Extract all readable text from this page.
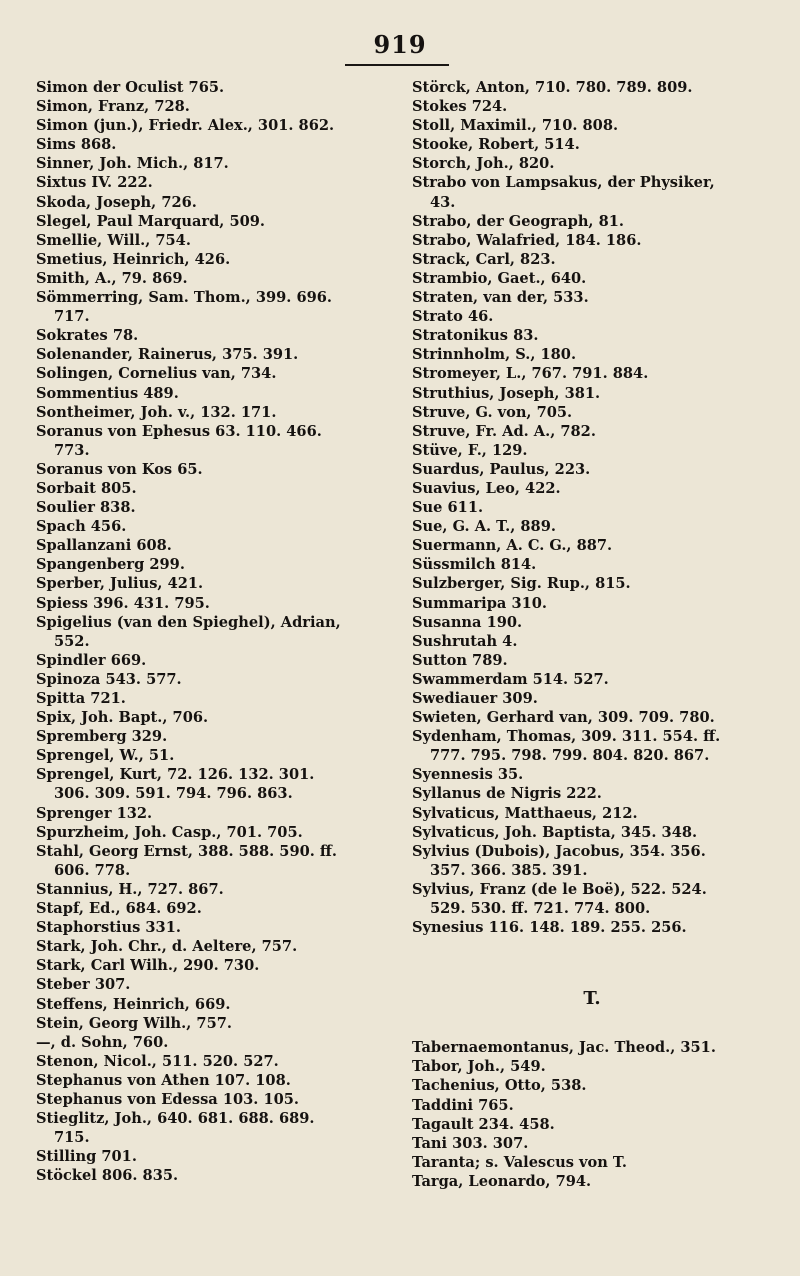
919
Simon der Oculist 765.
Simon, Franz, 728.
Simon (jun.), Friedr. Alex., 301. 862.
Sims 868.
Sinner, Joh. Mich., 817.
Sixtus IV. 222.
Skoda, Joseph, 726.
Slegel, Paul Marquard, 509.
Smellie, Will., 754.
Smetius, Heinrich, 426.
Smith, A., 79. 869.
Sömmerring, Sam. Thom., 399. 696.
717.
Sokrates 78.
Solenander, Rainerus, 375. 391.
Solingen, Cornelius van, 734.
Sommentius 489.
Sontheimer, Joh. v., 132. 171.
Soranus von Ephesus 63. 110. 466.
773.
Soranus von Kos 65.
Sorbait 805.
Soulier 838.
Spach 456.
Spallanzani 608.
Spangenberg 299.
Sperber, Julius, 421.
Spiess 396. 431. 795.
Spigelius (van den Spieghel), Adrian,
552.
Spindler 669.
Spinoza 543. 577.
Spitta 721.
Spix, Joh. Bapt., 706.
Spremberg 329.
Sprengel, W., 51.
Sprengel, Kurt, 72. 126. 132. 301.
306. 309. 591. 794. 796. 863.
Sprenger 132.
Spurzheim, Joh. Casp., 701. 705.
Stahl, Georg Ernst, 388. 588. 590. ff.
606. 778.
Stannius, H., 727. 867.
Stapf, Ed., 684. 692.
Staphorstius 331.
Stark, Joh. Chr., d. Aeltere, 757.
Stark, Carl Wilh., 290. 730.
Steber 307.
Steffens, Heinrich, 669.
Stein, Georg Wilh., 757.
—, d. Sohn, 760.
Stenon, Nicol., 511. 520. 527.
Stephanus von Athen 107. 108.
Stephanus von Edessa 103. 105.
Stieglitz, Joh., 640. 681. 688. 689.
715.
Stilling 701.
Stöckel 806. 835.
Störck, Anton, 710. 780. 789. 809.
Stokes 724.
Stoll, Maximil., 710. 808.
Stooke, Robert, 514.
Storch, Joh., 820.
Strabo von Lampsakus, der Physiker,
43.
Strabo, der Geograph, 81.
Strabo, Walafried, 184. 186.
Strack, Carl, 823.
Strambio, Gaet., 640.
Straten, van der, 533.
Strato 46.
Stratonikus 83.
Strinnholm, S., 180.
Stromeyer, L., 767. 791. 884.
Struthius, Joseph, 381.
Struve, G. von, 705.
Struve, Fr. Ad. A., 782.
Stüve, F., 129.
Suardus, Paulus, 223.
Suavius, Leo, 422.
Sue 611.
Sue, G. A. T., 889.
Suermann, A. C. G., 887.
Süssmilch 814.
Sulzberger, Sig. Rup., 815.
Summaripa 310.
Susanna 190.
Sushrutah 4.
Sutton 789.
Swammerdam 514. 527.
Swediauer 309.
Swieten, Gerhard van, 309. 709. 780.
Sydenham, Thomas, 309. 311. 554. ff.
777. 795. 798. 799. 804. 820. 867.
Syennesis 35.
Syllanus de Nigris 222.
Sylvaticus, Matthaeus, 212.
Sylvaticus, Joh. Baptista, 345. 348.
Sylvius (Dubois), Jacobus, 354. 356.
357. 366. 385. 391.
Sylvius, Franz (de le Boë), 522. 524.
529. 530. ff. 721. 774. 800.
Synesius 116. 148. 189. 255. 256.
T.
Tabernaemontanus, Jac. Theod., 351.
Tabor, Joh., 549.
Tachenius, Otto, 538.
Taddini 765.
Tagault 234. 458.
Tani 303. 307.
Taranta; s. Valescus von T.
Targa, Leonardo, 794.
